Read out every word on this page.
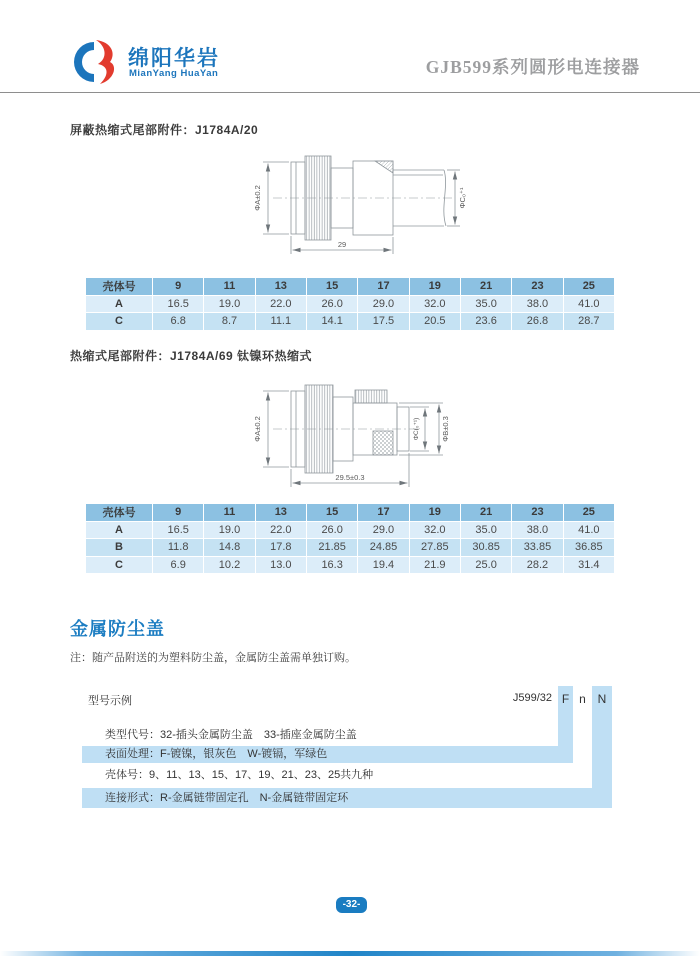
绵阳华岩
MianYang HuaYan	GJB599系列圆形电连接器
屏蔽热缩式尾部附件：J1784A/20
ΦA±0.2	ΦC₀⁺¹
29
壳体号	9	11	13	15	17	19	21	23	25
A	16.5	19.0	22.0	26.0	29.0	32.0	35.0	38.0	41.0
C	6.8	8.7	11.1	14.1	17.5	20.5	23.6	26.8	28.7
热缩式尾部附件：J1784A/69 钛镍环热缩式
ΦA±0.2	ΦC(₀⁺¹)	ΦB±0.3
29.5±0.3
壳体号	9	11	13	15	17	19	21	23	25
A	16.5	19.0	22.0	26.0	29.0	32.0	35.0	38.0	41.0
B	11.8	14.8	17.8	21.85	24.85	27.85	30.85	33.85	36.85
C	6.9	10.2	13.0	16.3	19.4	21.9	25.0	28.2	31.4
金属防尘盖
注：随产品附送的为塑料防尘盖，金属防尘盖需单独订购。
型号示例	J599/32 F n N
类型代号：32-插头金属防尘盖　33-插座金属防尘盖
表面处理：F-镀镍，银灰色　W-镀镉，军绿色
壳体号：9、11、13、15、17、19、21、23、25共九种
连接形式：R-金属链带固定孔　N-金属链带固定环
-32-
